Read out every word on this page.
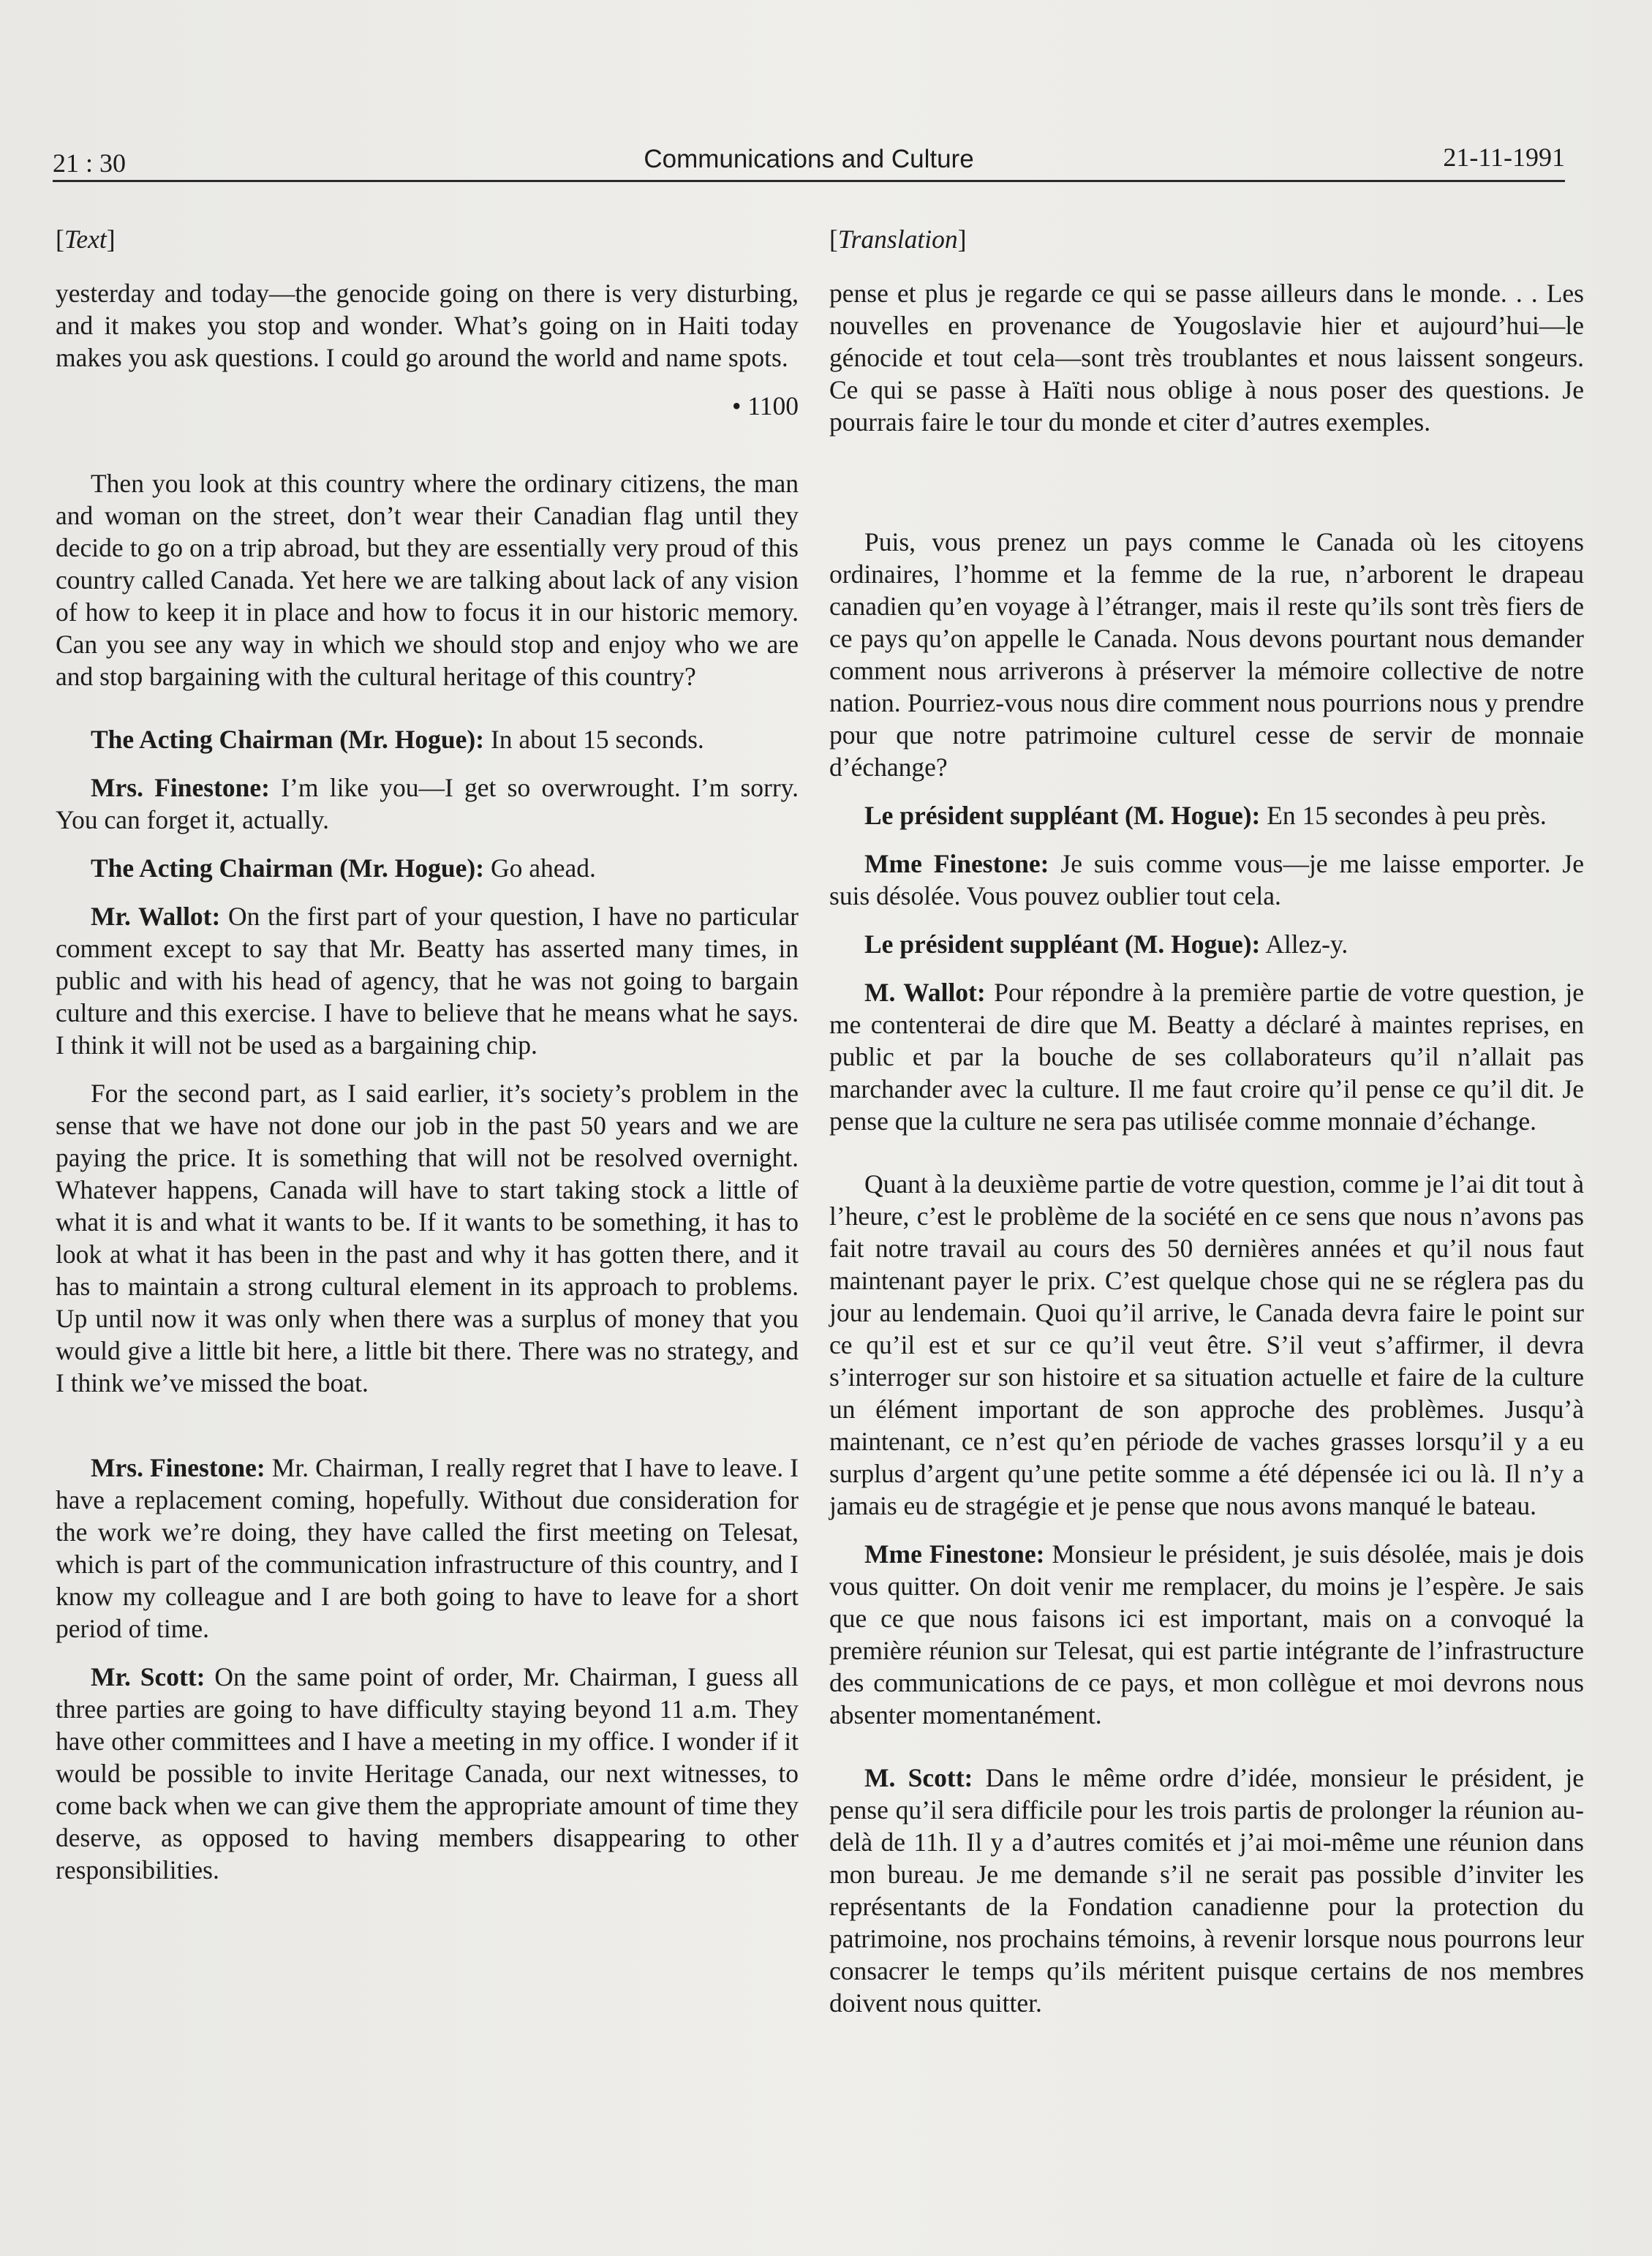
21 : 30	Communications and Culture	21-11-1991
[Text]

yesterday and today—the genocide going on there is very disturbing, and it makes you stop and wonder. What’s going on in Haiti today makes you ask questions. I could go around the world and name spots.

• 1100

Then you look at this country where the ordinary citizens, the man and woman on the street, don’t wear their Canadian flag until they decide to go on a trip abroad, but they are essentially very proud of this country called Canada. Yet here we are talking about lack of any vision of how to keep it in place and how to focus it in our historic memory. Can you see any way in which we should stop and enjoy who we are and stop bargaining with the cultural heritage of this country?

The Acting Chairman (Mr. Hogue): In about 15 seconds.

Mrs. Finestone: I’m like you—I get so overwrought. I’m sorry. You can forget it, actually.

The Acting Chairman (Mr. Hogue): Go ahead.

Mr. Wallot: On the first part of your question, I have no particular comment except to say that Mr. Beatty has asserted many times, in public and with his head of agency, that he was not going to bargain culture and this exercise. I have to believe that he means what he says. I think it will not be used as a bargaining chip.

For the second part, as I said earlier, it’s society’s problem in the sense that we have not done our job in the past 50 years and we are paying the price. It is something that will not be resolved overnight. Whatever happens, Canada will have to start taking stock a little of what it is and what it wants to be. If it wants to be something, it has to look at what it has been in the past and why it has gotten there, and it has to maintain a strong cultural element in its approach to problems. Up until now it was only when there was a surplus of money that you would give a little bit here, a little bit there. There was no strategy, and I think we’ve missed the boat.

Mrs. Finestone: Mr. Chairman, I really regret that I have to leave. I have a replacement coming, hopefully. Without due consideration for the work we’re doing, they have called the first meeting on Telesat, which is part of the communication infrastructure of this country, and I know my colleague and I are both going to have to leave for a short period of time.

Mr. Scott: On the same point of order, Mr. Chairman, I guess all three parties are going to have difficulty staying beyond 11 a.m. They have other committees and I have a meeting in my office. I wonder if it would be possible to invite Heritage Canada, our next witnesses, to come back when we can give them the appropriate amount of time they deserve, as opposed to having members disappearing to other responsibilities.

[Translation]

pense et plus je regarde ce qui se passe ailleurs dans le monde. . . Les nouvelles en provenance de Yougoslavie hier et aujourd’hui—le génocide et tout cela—sont très troublantes et nous laissent songeurs. Ce qui se passe à Haïti nous oblige à nous poser des questions. Je pourrais faire le tour du monde et citer d’autres exemples.

Puis, vous prenez un pays comme le Canada où les citoyens ordinaires, l’homme et la femme de la rue, n’arborent le drapeau canadien qu’en voyage à l’étranger, mais il reste qu’ils sont très fiers de ce pays qu’on appelle le Canada. Nous devons pourtant nous demander comment nous arriverons à préserver la mémoire collective de notre nation. Pourriez-vous nous dire comment nous pourrions nous y prendre pour que notre patrimoine culturel cesse de servir de monnaie d’échange?

Le président suppléant (M. Hogue): En 15 secondes à peu près.

Mme Finestone: Je suis comme vous—je me laisse emporter. Je suis désolée. Vous pouvez oublier tout cela.

Le président suppléant (M. Hogue): Allez-y.

M. Wallot: Pour répondre à la première partie de votre question, je me contenterai de dire que M. Beatty a déclaré à maintes reprises, en public et par la bouche de ses collaborateurs qu’il n’allait pas marchander avec la culture. Il me faut croire qu’il pense ce qu’il dit. Je pense que la culture ne sera pas utilisée comme monnaie d’échange.

Quant à la deuxième partie de votre question, comme je l’ai dit tout à l’heure, c’est le problème de la société en ce sens que nous n’avons pas fait notre travail au cours des 50 dernières années et qu’il nous faut maintenant payer le prix. C’est quelque chose qui ne se réglera pas du jour au lendemain. Quoi qu’il arrive, le Canada devra faire le point sur ce qu’il est et sur ce qu’il veut être. S’il veut s’affirmer, il devra s’interroger sur son histoire et sa situation actuelle et faire de la culture un élément important de son approche des problèmes. Jusqu’à maintenant, ce n’est qu’en période de vaches grasses lorsqu’il y a eu surplus d’argent qu’une petite somme a été dépensée ici ou là. Il n’y a jamais eu de stragégie et je pense que nous avons manqué le bateau.

Mme Finestone: Monsieur le président, je suis désolée, mais je dois vous quitter. On doit venir me remplacer, du moins je l’espère. Je sais que ce que nous faisons ici est important, mais on a convoqué la première réunion sur Telesat, qui est partie intégrante de l’infrastructure des communications de ce pays, et mon collègue et moi devrons nous absenter momentanément.

M. Scott: Dans le même ordre d’idée, monsieur le président, je pense qu’il sera difficile pour les trois partis de prolonger la réunion au-delà de 11h. Il y a d’autres comités et j’ai moi-même une réunion dans mon bureau. Je me demande s’il ne serait pas possible d’inviter les représentants de la Fondation canadienne pour la protection du patrimoine, nos prochains témoins, à revenir lorsque nous pourrons leur consacrer le temps qu’ils méritent puisque certains de nos membres doivent nous quitter.
